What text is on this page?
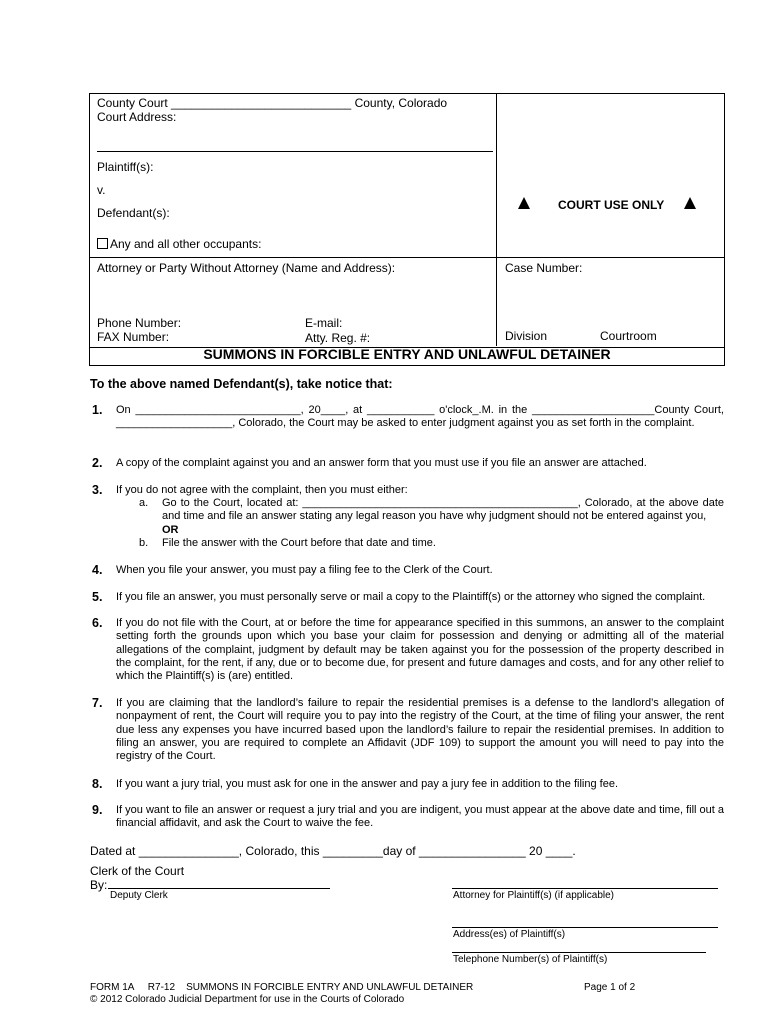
County Court ___________________________ County, Colorado
Court Address:
Plaintiff(s):
v.
Defendant(s):
Any and all other occupants:
Attorney or Party Without Attorney (Name and Address):
Phone Number:	E-mail:
FAX Number:	Atty. Reg. #:
COURT USE ONLY
Case Number:
Division	Courtroom
SUMMONS IN FORCIBLE ENTRY AND UNLAWFUL DETAINER
To the above named Defendant(s), take notice that:
1.	On ___________________________, 20____, at ___________ o'clock_.M. in the ____________________County Court, ___________________, Colorado, the Court may be asked to enter judgment against you as set forth in the complaint.
2.	A copy of the complaint against you and an answer form that you must use if you file an answer are attached.
3.	If you do not agree with the complaint, then you must either:
a. Go to the Court, located at: _____________________________________________, Colorado, at the above date and time and file an answer stating any legal reason you have why judgment should not be entered against you,
OR
b. File the answer with the Court before that date and time.
4.	When you file your answer, you must pay a filing fee to the Clerk of the Court.
5.	If you file an answer, you must personally serve or mail a copy to the Plaintiff(s) or the attorney who signed the complaint.
6.	If you do not file with the Court, at or before the time for appearance specified in this summons, an answer to the complaint setting forth the grounds upon which you base your claim for possession and denying or admitting all of the material allegations of the complaint, judgment by default may be taken against you for the possession of the property described in the complaint, for the rent, if any, due or to become due, for present and future damages and costs, and for any other relief to which the Plaintiff(s) is (are) entitled.
7.	If you are claiming that the landlord’s failure to repair the residential premises is a defense to the landlord’s allegation of nonpayment of rent, the Court will require you to pay into the registry of the Court, at the time of filing your answer, the rent due less any expenses you have incurred based upon the landlord’s failure to repair the residential premises. In addition to filing an answer, you are required to complete an Affidavit (JDF 109) to support the amount you will need to pay into the registry of the Court.
8.	If you want a jury trial, you must ask for one in the answer and pay a jury fee in addition to the filing fee.
9.	If you want to file an answer or request a jury trial and you are indigent, you must appear at the above date and time, fill out a financial affidavit, and ask the Court to waive the fee.
Dated at _______________, Colorado, this _________day of ________________ 20 ____.
Clerk of the Court
By:
Deputy Clerk	Attorney for Plaintiff(s) (if applicable)
Address(es) of Plaintiff(s)
Telephone Number(s) of Plaintiff(s)
FORM 1A     R7-12    SUMMONS IN FORCIBLE ENTRY AND UNLAWFUL DETAINER	Page 1 of 2
© 2012 Colorado Judicial Department for use in the Courts of Colorado
